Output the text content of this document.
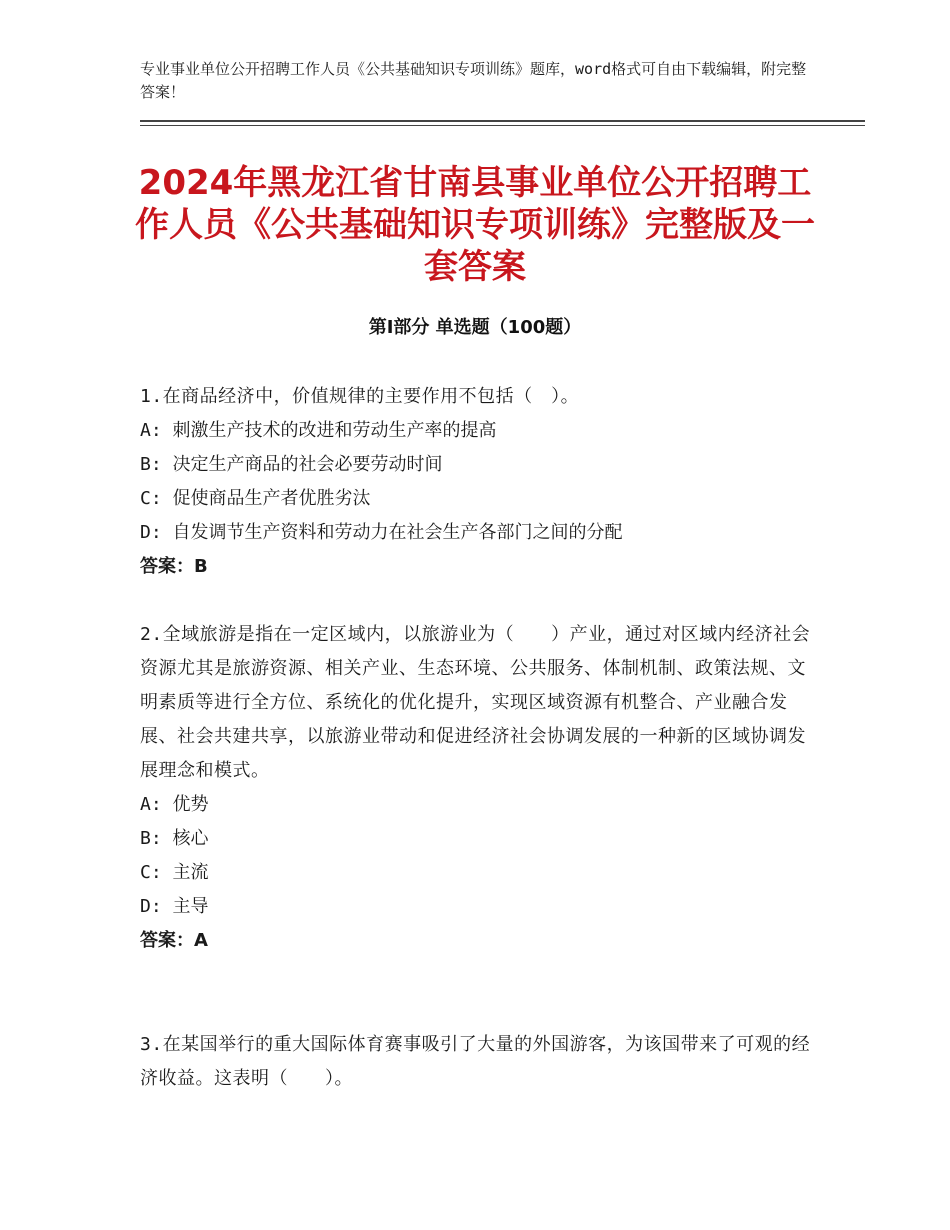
专业事业单位公开招聘工作人员《公共基础知识专项训练》题库，word格式可自由下载编辑，附完整答案！
2024年黑龙江省甘南县事业单位公开招聘工作人员《公共基础知识专项训练》完整版及一套答案
第Ⅰ部分 单选题（100题）

1.在商品经济中，价值规律的主要作用不包括（　）。

A: 刺激生产技术的改进和劳动生产率的提高

B: 决定生产商品的社会必要劳动时间

C: 促使商品生产者优胜劣汰

D: 自发调节生产资料和劳动力在社会生产各部门之间的分配

答案：B

2.全域旅游是指在一定区域内，以旅游业为（　　）产业，通过对区域内经济社会资源尤其是旅游资源、相关产业、生态环境、公共服务、体制机制、政策法规、文明素质等进行全方位、系统化的优化提升，实现区域资源有机整合、产业融合发展、社会共建共享，以旅游业带动和促进经济社会协调发展的一种新的区域协调发展理念和模式。

A: 优势

B: 核心

C: 主流

D: 主导

答案：A

3.在某国举行的重大国际体育赛事吸引了大量的外国游客，为该国带来了可观的经济收益。这表明（　　）。
